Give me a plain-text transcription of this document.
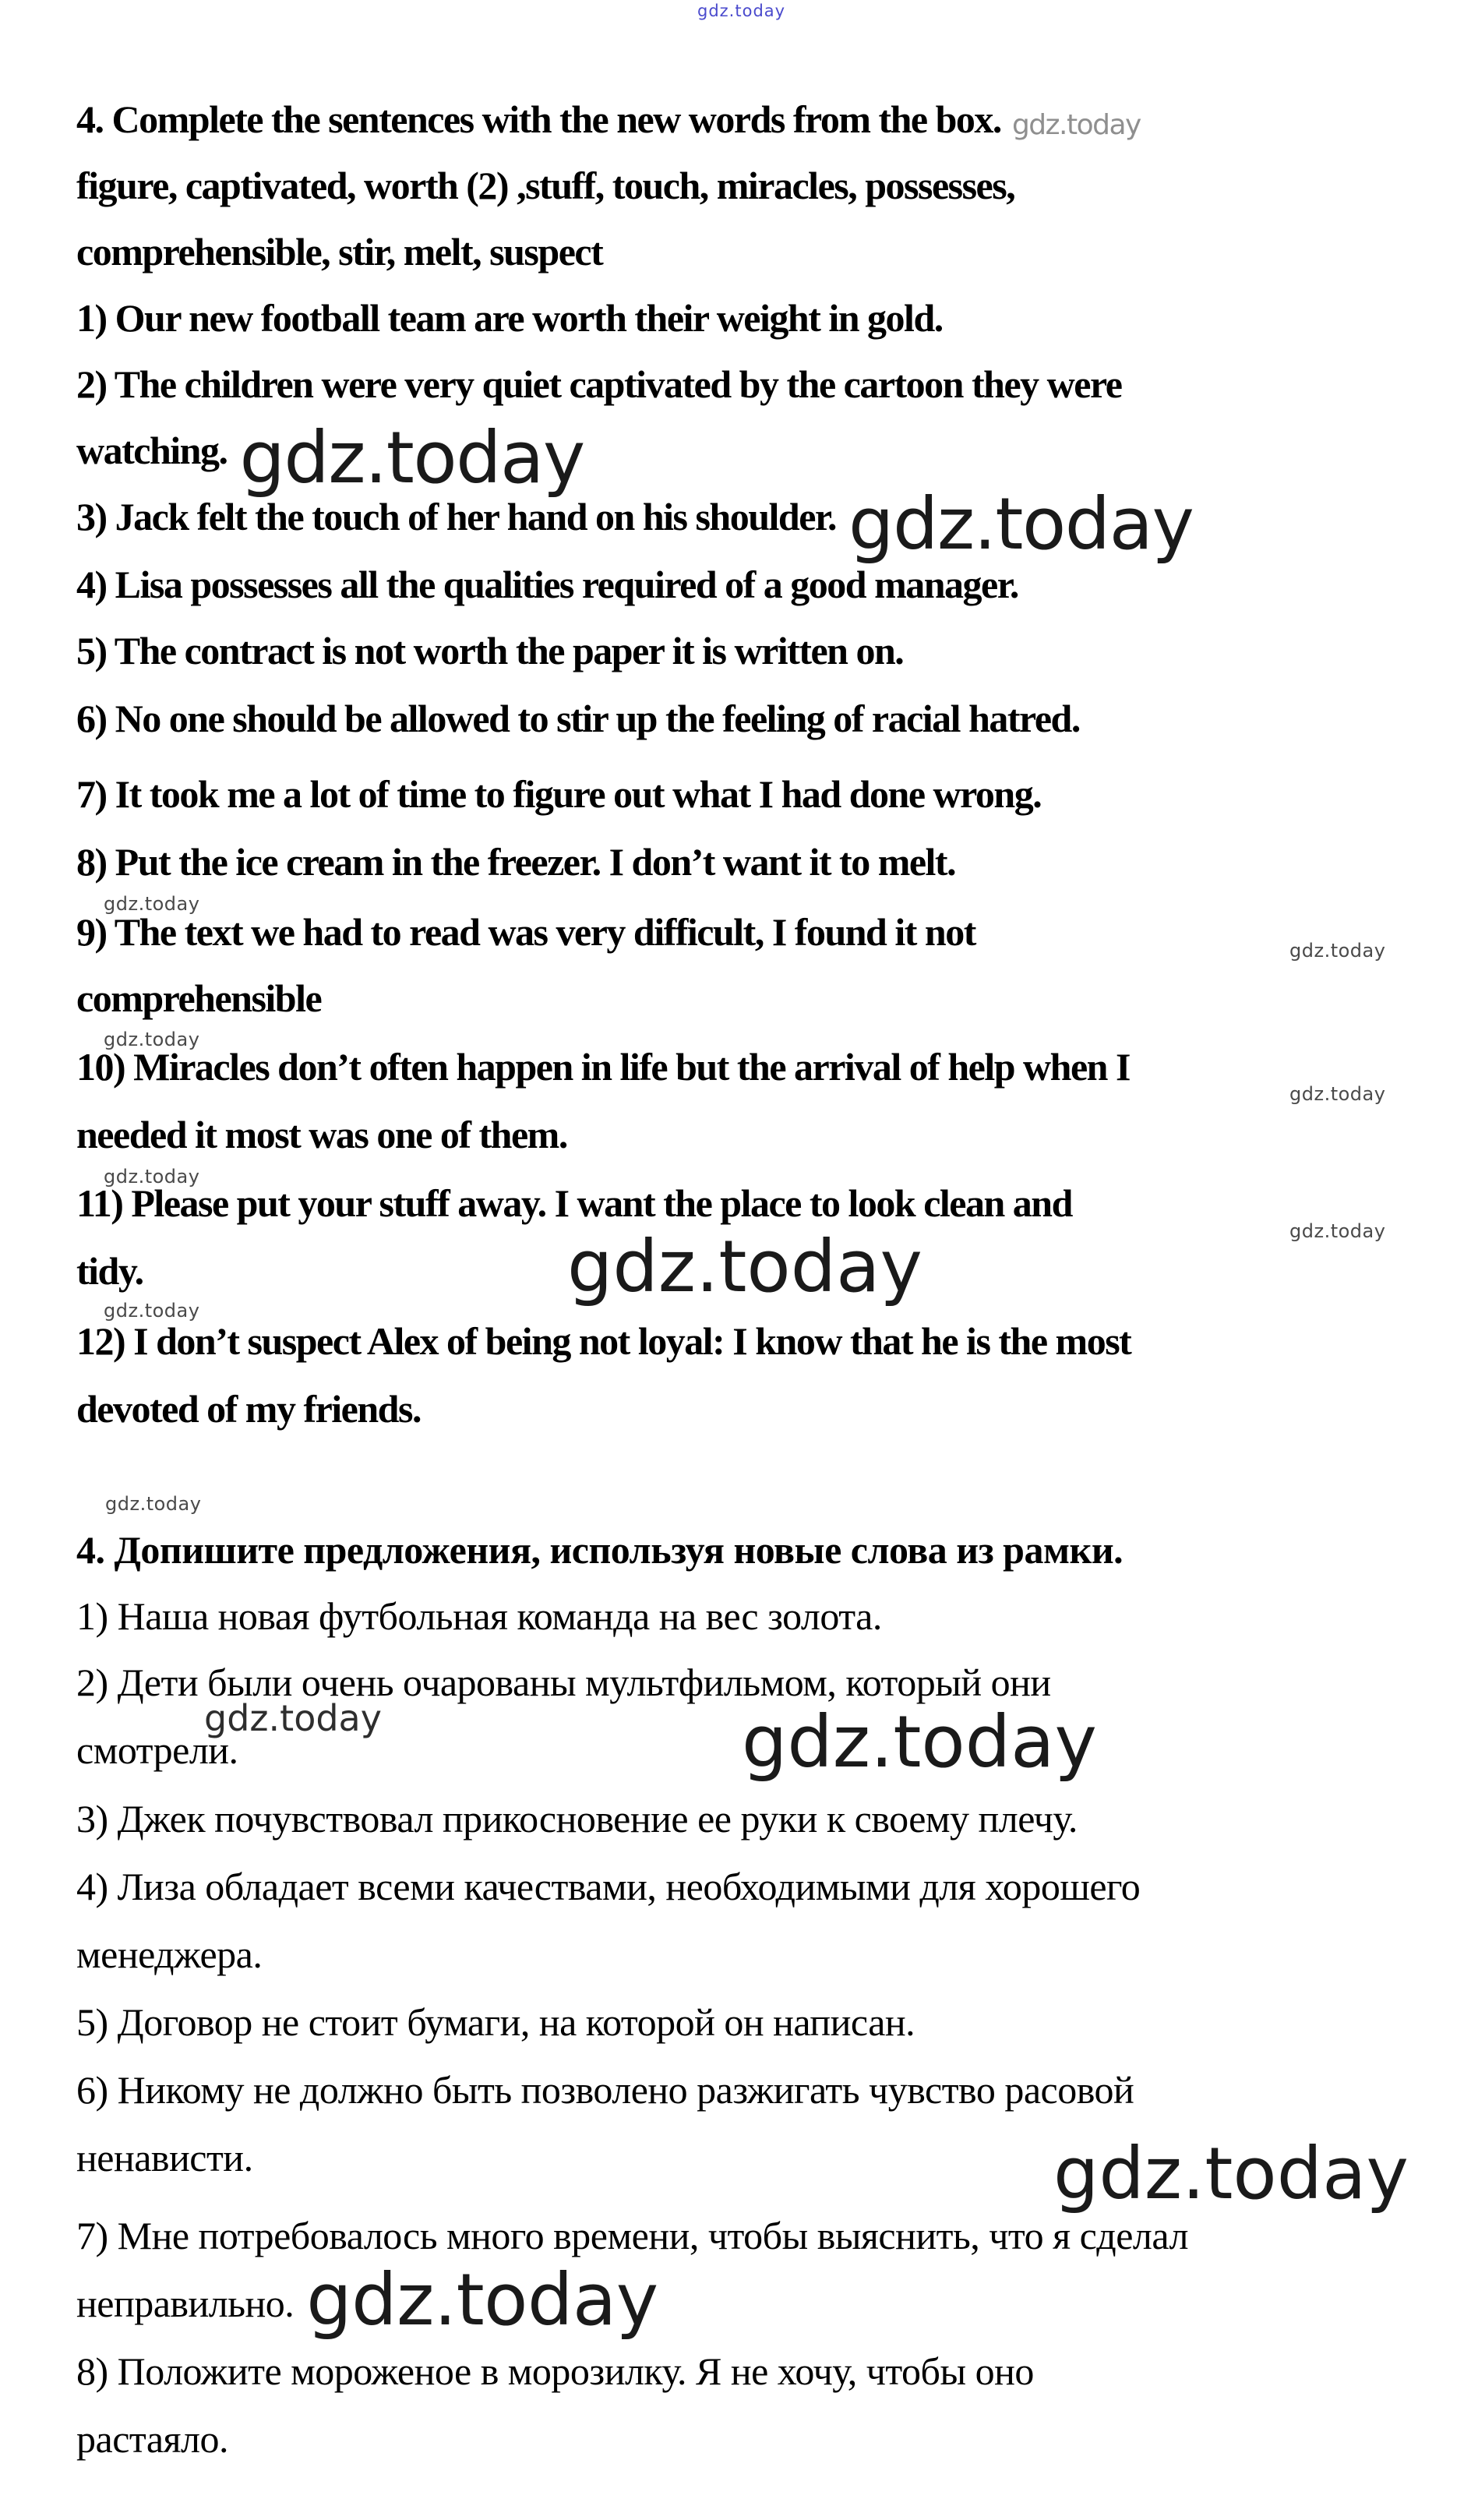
gdz.today
4. Complete the sentences with the new words from the box. gdz.today
figure, captivated, worth (2) ,stuff, touch, miracles, possesses,
comprehensible, stir, melt, suspect
1) Our new football team are worth their weight in gold.
2) The children were very quiet captivated by the cartoon they were
watching. gdz.today
3) Jack felt the touch of her hand on his shoulder. gdz.today
4) Lisa possesses all the qualities required of a good manager.
5) The contract is not worth the paper it is written on.
6) No one should be allowed to stir up the feeling of racial hatred.
7) It took me a lot of time to figure out what I had done wrong.
8) Put the ice cream in the freezer. I don’t want it to melt.
9) The text we had to read was very difficult, I found it not
comprehensible
10) Miracles don’t often happen in life but the arrival of help when I
needed it most was one of them.
11) Please put your stuff away. I want the place to look clean and
tidy.
12) I don’t suspect Alex of being not loyal: I know that he is the most
devoted of my friends.
gdz.today
gdz.today
gdz.today
gdz.today
gdz.today
gdz.today
gdz.today
gdz.today
gdz.today
4. Допишите предложения, используя новые слова из рамки.
1) Наша новая футбольная команда на вес золота.
2) Дети были очень очарованы мультфильмом, который они
смотрели.
3) Джек почувствовал прикосновение ее руки к своему плечу.
4) Лиза обладает всеми качествами, необходимыми для хорошего
менеджера.
5) Договор не стоит бумаги, на которой он написан.
6) Никому не должно быть позволено разжигать чувство расовой
ненависти.
7) Мне потребовалось много времени, чтобы выяснить, что я сделал
неправильно. gdz.today
8) Положите мороженое в морозилку. Я не хочу, чтобы оно
растаяло.
gdz.today	gdz.today
gdz.today
